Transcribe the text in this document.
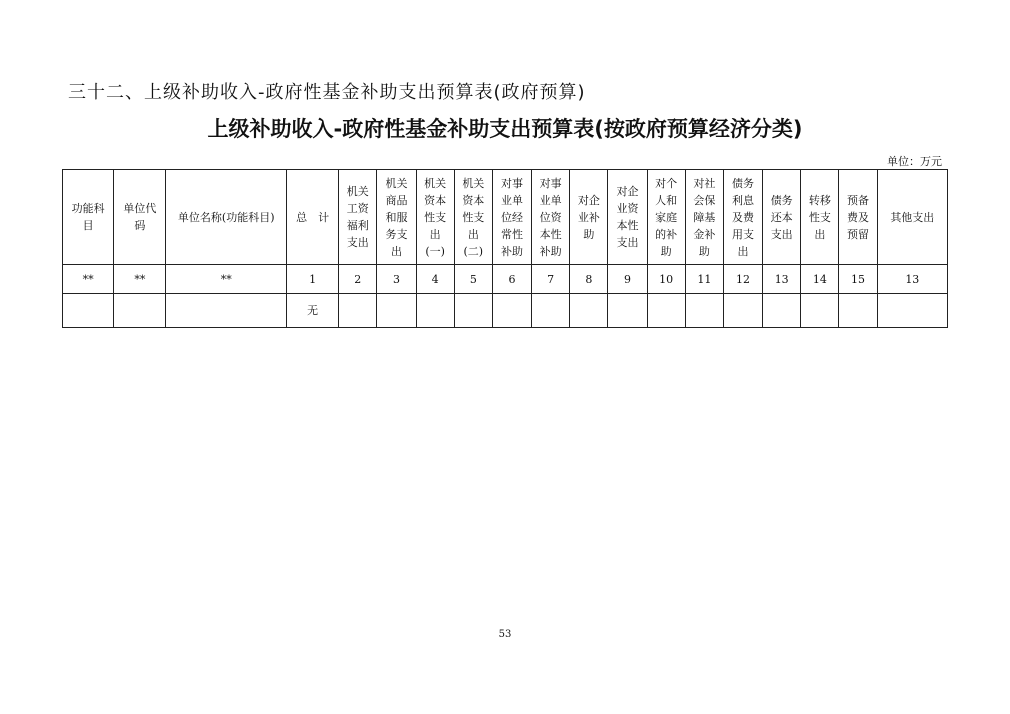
三十二、上级补助收入-政府性基金补助支出预算表(政府预算)
上级补助收入-政府性基金补助支出预算表(按政府预算经济分类)
单位：万元
功能科
目	单位代
码	单位名称(功能科目)	总　计	机关
工资
福利
支出	机关
商品
和服
务支
出	机关
资本
性支
出
(一)	机关
资本
性支
出
(二)	对事
业单
位经
常性
补助	对事
业单
位资
本性
补助	对企
业补
助	对企
业资
本性
支出	对个
人和
家庭
的补
助	对社
会保
障基
金补
助	债务
利息
及费
用支
出	债务
还本
支出	转移
性支
出	预备
费及
预留	其他支出
**	**	**	1	2	3	4	5	6	7	8	9	10	11	12	13	14	15	13
			无															
53
